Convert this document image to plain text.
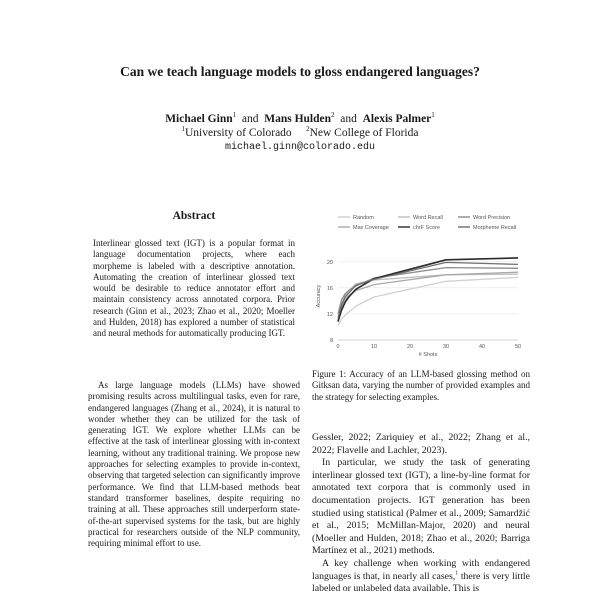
Can we teach language models to gloss endangered languages?
Michael Ginn$^1$ and Mans Hulden$^2$ and Alexis Palmer$^1$
$^1$University of Colorado $^2$New College of Florida
michael.ginn@colorado.edu
Abstract
Interlinear glossed text (IGT) is a popular format in language documentation projects, where each morpheme is labeled with a descriptive annotation. Automating the creation of interlinear glossed text would be desirable to reduce annotator effort and maintain consistency across annotated corpora. Prior research (Ginn et al., 2023; Zhao et al., 2020; Moeller and Hulden, 2018) has explored a number of statistical and neural methods for automatically producing IGT.
As large language models (LLMs) have showed promising results across multilingual tasks, even for rare, endangered languages (Zhang et al., 2024), it is natural to wonder whether they can be utilized for the task of generating IGT. We explore whether LLMs can be effective at the task of interlinear glossing with in-context learning, without any traditional training. We propose new approaches for selecting examples to provide in-context, observing that targeted selection can significantly improve performance. We find that LLM-based methods beat standard transformer baselines, despite requiring no training at all. These approaches still underperform state-of-the-art supervised systems for the task, but are highly practical for researchers outside of the NLP community, requiring minimal effort to use.
8
12
16
20
0	10	20	30	40	50
# Shots
Accuracy
Random	Word Recall	Word Precision
Max Coverage	chrF Score	Morpheme Recall
Figure 1: Accuracy of an LLM-based glossing method on Gitksan data, varying the number of provided examples and the strategy for selecting examples.

Gessler, 2022; Zariquiey et al., 2022; Zhang et al., 2022; Flavelle and Lachler, 2023).

In particular, we study the task of generating interlinear glossed text (IGT), a line-by-line format for annotated text corpora that is commonly used in documentation projects. IGT generation has been studied using statistical (Palmer et al., 2009; Samardžić et al., 2015; McMillan-Major, 2020) and neural (Moeller and Hulden, 2018; Zhao et al., 2020; Barriga Martínez et al., 2021) methods.

A key challenge when working with endangered languages is that, in nearly all cases,$^1$ there is very little labeled or unlabeled data available. This is
